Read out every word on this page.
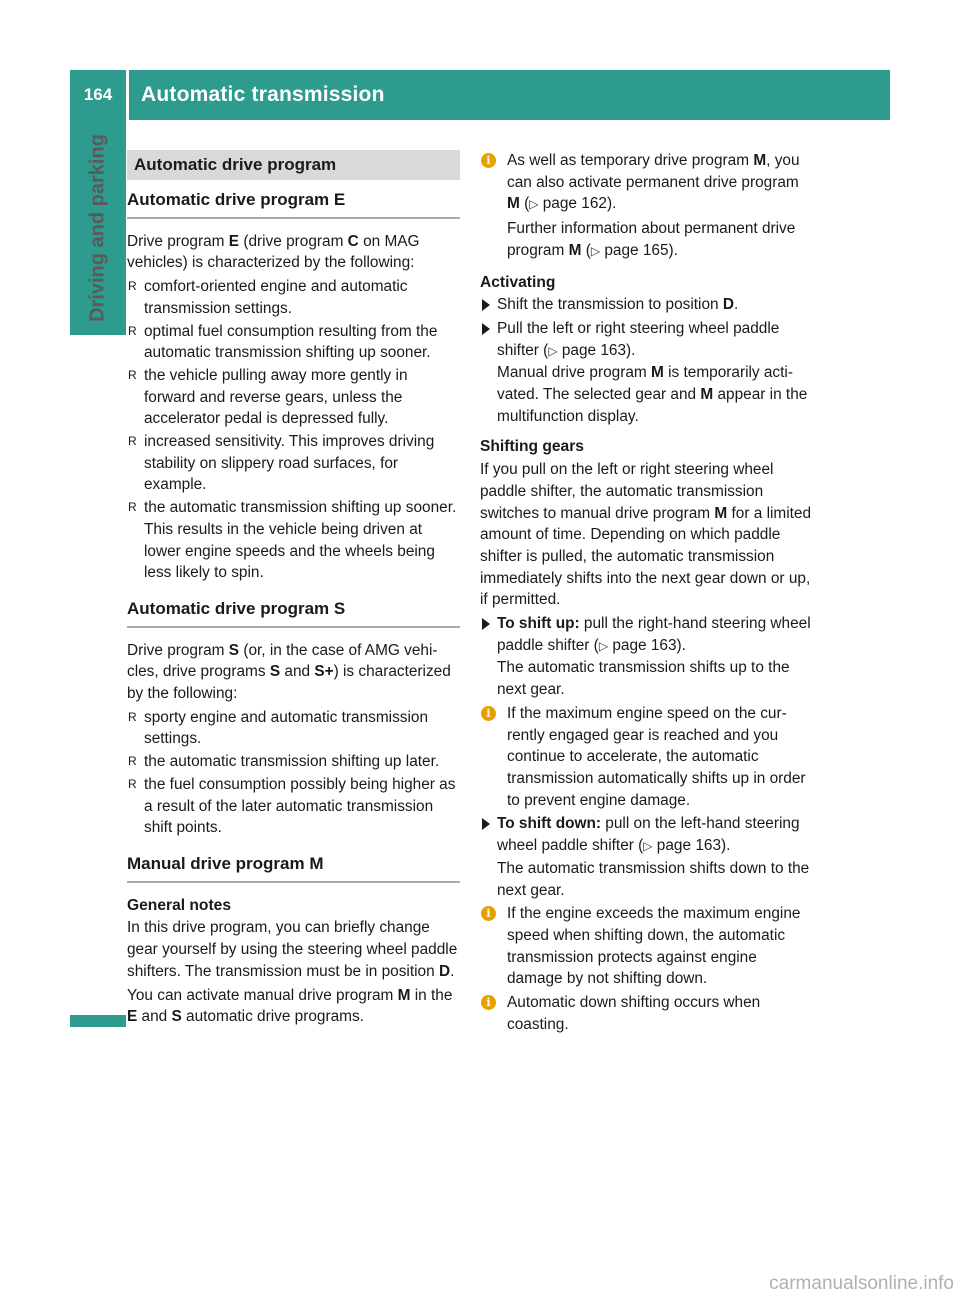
164	Automatic transmission
Driving and parking	Automatic drive program
Automatic drive program E

Drive program E (drive program C on MAG vehicles) is characterized by the following:

R comfort-oriented engine and automatic transmission settings.
R optimal fuel consumption resulting from the automatic transmission shifting up sooner.
R the vehicle pulling away more gently in forward and reverse gears, unless the accelerator pedal is depressed fully.
R increased sensitivity. This improves driving stability on slippery road surfaces, for example.
R the automatic transmission shifting up sooner. This results in the vehicle being driven at lower engine speeds and the wheels being less likely to spin.
Automatic drive program S

Drive program S (or, in the case of AMG vehicles, drive programs S and S+) is characterized by the following:

R sporty engine and automatic transmission settings.
R the automatic transmission shifting up later.
R the fuel consumption possibly being higher as a result of the later automatic transmission shift points.
Manual drive program M
General notes

In this drive program, you can briefly change gear yourself by using the steering wheel paddle shifters. The transmission must be in position D.

You can activate manual drive program M in the E and S automatic drive programs.

i	As well as temporary drive program M, you can also activate permanent drive program M (▷ page 162).

Further information about permanent drive program M (▷ page 165).

Activating
Shift the transmission to position D.
Pull the left or right steering wheel paddle shifter (▷ page 163).
Manual drive program M is temporarily activated. The selected gear and M appear in the multifunction display.
Shifting gears

If you pull on the left or right steering wheel paddle shifter, the automatic transmission switches to manual drive program M for a limited amount of time. Depending on which paddle shifter is pulled, the automatic transmission immediately shifts into the next gear down or up, if permitted.

To shift up: pull the right-hand steering wheel paddle shifter (▷ page 163).
The automatic transmission shifts up to the next gear.
i	If the maximum engine speed on the currently engaged gear is reached and you continue to accelerate, the automatic transmission automatically shifts up in order to prevent engine damage.
To shift down: pull on the left-hand steering wheel paddle shifter (▷ page 163).
The automatic transmission shifts down to the next gear.
i	If the engine exceeds the maximum engine speed when shifting down, the automatic transmission protects against engine damage by not shifting down.
i	Automatic down shifting occurs when coasting.
carmanualsonline.info
